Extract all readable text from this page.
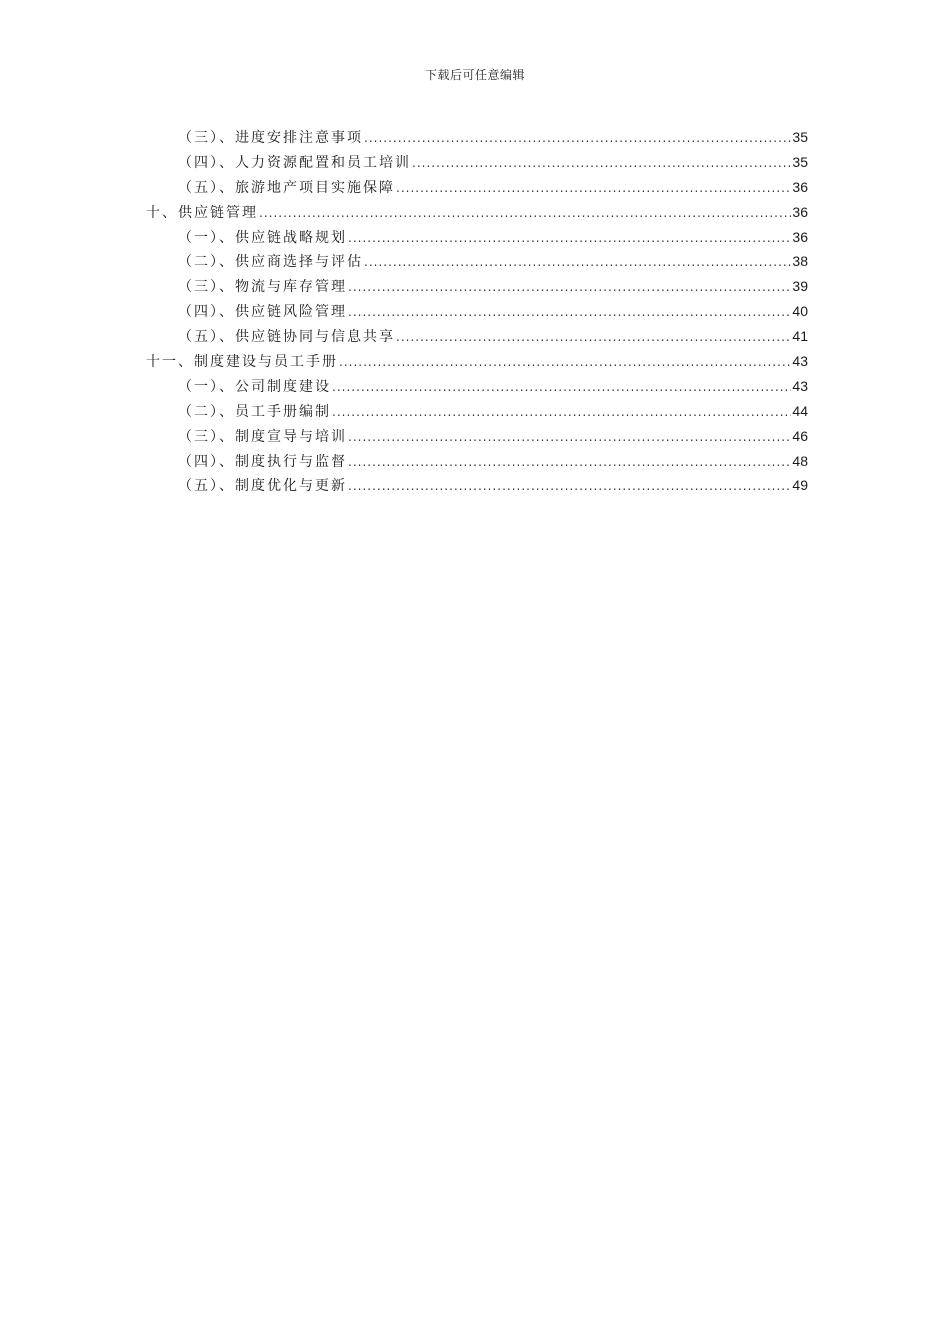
下载后可任意编辑
（三）、进度安排注意事项 .....	35
（四）、人力资源配置和员工培训 .....	35
（五）、旅游地产项目实施保障 .....	36
十、供应链管理 .....	36
（一）、供应链战略规划 .....	36
（二）、供应商选择与评估 .....	38
（三）、物流与库存管理 .....	39
（四）、供应链风险管理 .....	40
（五）、供应链协同与信息共享 .....	41
十一、制度建设与员工手册 .....	43
（一）、公司制度建设 .....	43
（二）、员工手册编制 .....	44
（三）、制度宣导与培训 .....	46
（四）、制度执行与监督 .....	48
（五）、制度优化与更新 .....	49
